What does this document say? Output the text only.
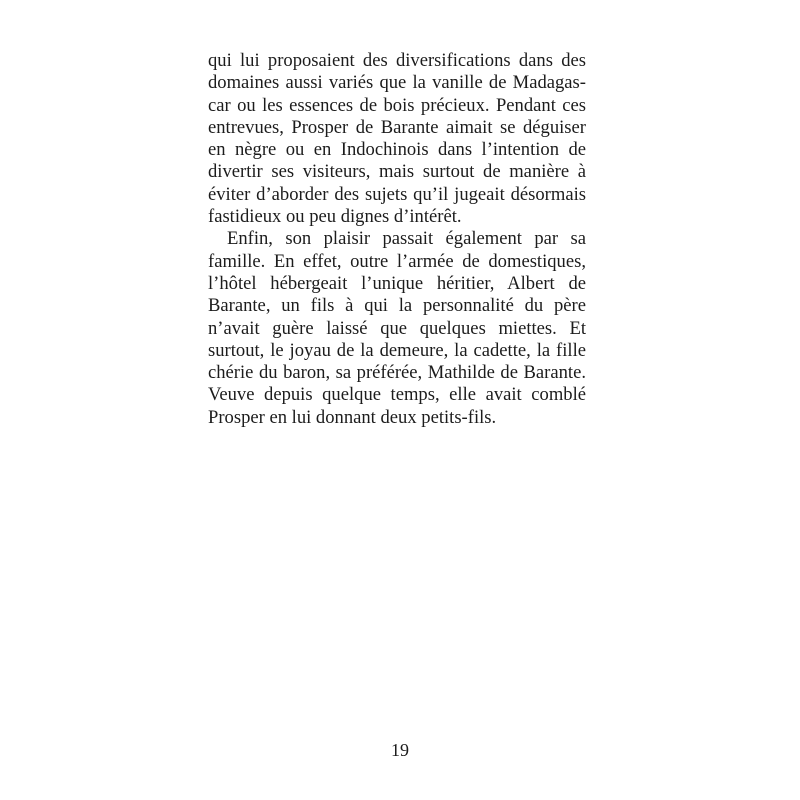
qui lui proposaient des diversifications dans des domaines aussi variés que la vanille de Madagascar ou les essences de bois précieux. Pendant ces entrevues, Prosper de Barante aimait se déguiser en nègre ou en Indochinois dans l’intention de divertir ses visiteurs, mais surtout de manière à éviter d’aborder des sujets qu’il jugeait désormais fastidieux ou peu dignes d’intérêt.

Enfin, son plaisir passait également par sa famille. En effet, outre l’armée de domestiques, l’hôtel hébergeait l’unique héritier, Albert de Barante, un fils à qui la personnalité du père n’avait guère laissé que quelques miettes. Et surtout, le joyau de la demeure, la cadette, la fille chérie du baron, sa préférée, Mathilde de Barante. Veuve depuis quelque temps, elle avait comblé Prosper en lui donnant deux petits-fils.

19
